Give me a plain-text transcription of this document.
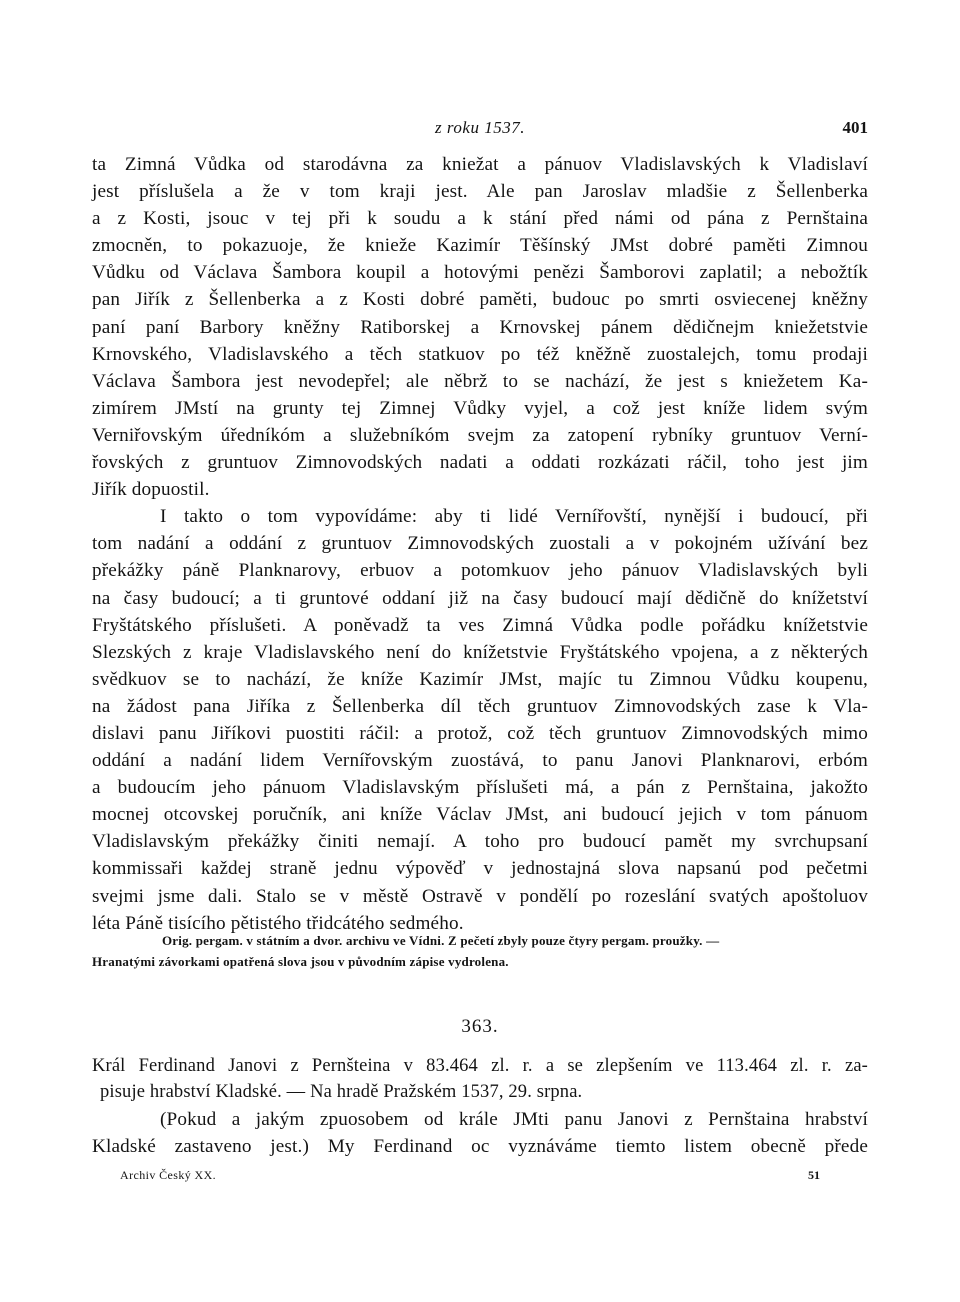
z roku 1537.	401
ta Zimná Vůdka od starodávna za kniežat a pánuov Vladislavských k Vladislaví
jest příslušela a že v tom kraji jest. Ale pan Jaroslav mladšie z Šellenberka
a z Kosti, jsouc v tej při k soudu a k stání před námi od pána z Pernštaina
zmocněn, to pokazuoje, že knieže Kazimír Těšínský JMst dobré paměti Zimnou
Vůdku od Václava Šambora koupil a hotovými penězi Šamborovi zaplatil; a nebožtík
pan Jiřík z Šellenberka a z Kosti dobré paměti, budouc po smrti osviecenej kněžny
paní paní Barbory kněžny Ratiborskej a Krnovskej pánem dědičnejm kniežetstvie
Krnovského, Vladislavského a těch statkuov po též kněžně zuostalejch, tomu prodaji
Václava Šambora jest nevodepřel; ale něbrž to se nachází, že jest s kniežetem Ka-
zimírem JMstí na grunty tej Zimnej Vůdky vyjel, a což jest kníže lidem svým
Verniřovským úředníkóm a služebníkóm svejm za zatopení rybníky gruntuov Verní-
řovských z gruntuov Zimnovodských nadati a oddati rozkázati ráčil, toho jest jim
Jiřík dopuostil.
I takto o tom vypovídáme: aby ti lidé Vernířovští, nynější i budoucí, při
tom nadání a oddání z gruntuov Zimnovodských zuostali a v pokojném užívání bez
překážky páně Planknarovy, erbuov a potomkuov jeho pánuov Vladislavských byli
na časy budoucí; a ti gruntové oddaní již na časy budoucí mají dědičně do knížetství
Fryštátského příslušeti. A poněvadž ta ves Zimná Vůdka podle pořádku knížetstvie
Slezských z kraje Vladislavského není do knížetstvie Fryštátského vpojena, a z některých
svědkuov se to nachází, že kníže Kazimír JMst, majíc tu Zimnou Vůdku koupenu,
na žádost pana Jiříka z Šellenberka díl těch gruntuov Zimnovodských zase k Vla-
dislavi panu Jiříkovi puostiti ráčil: a protož, což těch gruntuov Zimnovodských mimo
oddání a nadání lidem Vernířovským zuostává, to panu Janovi Planknarovi, erbóm
a budoucím jeho pánuom Vladislavským příslušeti má, a pán z Pernštaina, jakožto
mocnej otcovskej poručník, ani kníže Václav JMst, ani budoucí jejich v tom pánuom
Vladislavským překážky činiti nemají. A toho pro budoucí pamět my svrchupsaní
kommissaři každej straně jednu výpověď v jednostajná slova napsanú pod pečetmi
svejmi jsme dali. Stalo se v městě Ostravě v pondělí po rozeslání svatých apoštoluov
léta Páně tisícího pětistého třidcátého sedmého.
Orig. pergam. v státním a dvor. archivu ve Vídni. Z pečetí zbyly pouze čtyry pergam. proužky. —
Hranatými závorkami opatřená slova jsou v původním zápise vydrolena.
363.
Král Ferdinand Janovi z Pernšteina v 83.464 zl. r. a se zlepšením ve 113.464 zl. r. za-
pisuje hrabství Kladské. — Na hradě Pražském 1537, 29. srpna.
(Pokud a jakým zpuosobem od krále JMti panu Janovi z Pernštaina hrabství
Kladské zastaveno jest.) My Ferdinand oc vyznáváme tiemto listem obecně přede
Archiv Český XX.	51
